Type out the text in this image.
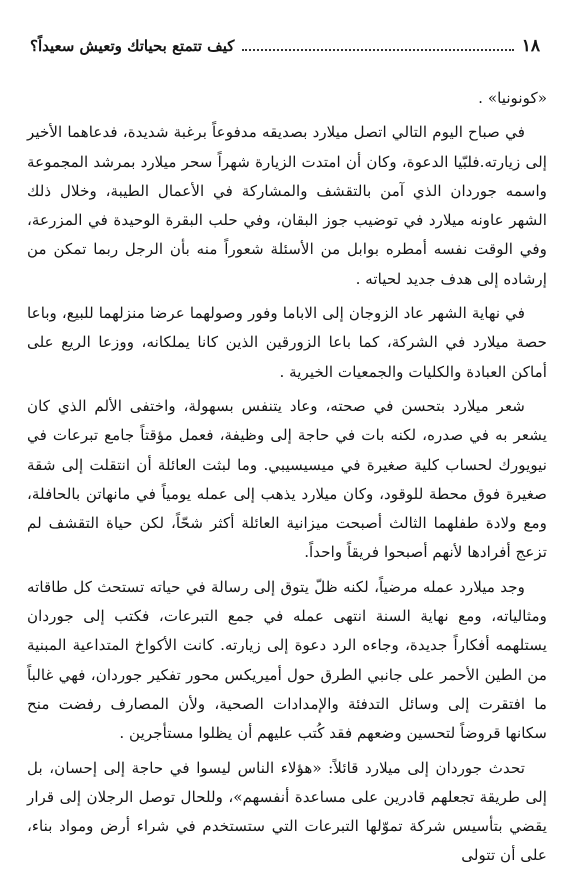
١٨
كيف تتمتع بحياتك وتعيش سعيداً؟

«كونونيا» .

في صباح اليوم التالي اتصل ميلارد بصديقه مدفوعاً برغبة شديدة، فدعاهما الأخير إلى زيارته.فلبّيا الدعوة، وكان أن امتدت الزيارة شهراً سحر ميلارد بمرشد المجموعة واسمه جوردان الذي آمن بالتقشف والمشاركة في الأعمال الطيبة، وخلال ذلك الشهر عاونه ميلارد في توضيب جوز البقان، وفي حلب البقرة الوحيدة في المزرعة، وفي الوقت نفسه أمطره بوابل من الأسئلة شعوراً منه بأن الرجل ربما تمكن من إرشاده إلى هدف جديد لحياته .

في نهاية الشهر عاد الزوجان إلى الاباما وفور وصولهما عرضا منزلهما للبيع، وباعا حصة ميلارد في الشركة، كما باعا الزورقين الذين كانا يملكانه، ووزعا الريع على أماكن العبادة والكليات والجمعيات الخيرية .

شعر ميلارد بتحسن في صحته، وعاد يتنفس بسهولة، واختفى الألم الذي كان يشعر به في صدره، لكنه بات في حاجة إلى وظيفة، فعمل مؤقتاً جامع تبرعات في نيويورك لحساب كلية صغيرة في ميسيسيبي. وما لبثت العائلة أن انتقلت إلى شقة صغيرة فوق محطة للوقود، وكان ميلارد يذهب إلى عمله يومياً في مانهاتن بالحافلة، ومع ولادة طفلهما الثالث أصبحت ميزانية العائلة أكثر شحّاً، لكن حياة التقشف لم تزعج أفرادها لأنهم أصبحوا فريقاً واحداً.

وجد ميلارد عمله مرضياً، لكنه ظلّ يتوق إلى رسالة في حياته تستحث كل طاقاته ومثالياته، ومع نهاية السنة انتهى عمله في جمع التبرعات، فكتب إلى جوردان يستلهمه أفكاراً جديدة، وجاءه الرد دعوة إلى زيارته. كانت الأكواخ المتداعية المبنية من الطين الأحمر على جانبي الطرق حول أميريكس محور تفكير جوردان، فهي غالباً ما افتقرت إلى وسائل التدفئة والإمدادات الصحية، ولأن المصارف رفضت منح سكانها قروضاً لتحسين وضعهم فقد كُتب عليهم أن يظلوا مستأجرين .

تحدث جوردان إلى ميلارد قائلاً: «هؤلاء الناس ليسوا في حاجة إلى إحسان، بل إلى طريقة تجعلهم قادرين على مساعدة أنفسهم»، وللحال توصل الرجلان إلى قرار يقضي بتأسيس شركة تموّلها التبرعات التي ستستخدم في شراء أرض ومواد بناء، على أن تتولى
